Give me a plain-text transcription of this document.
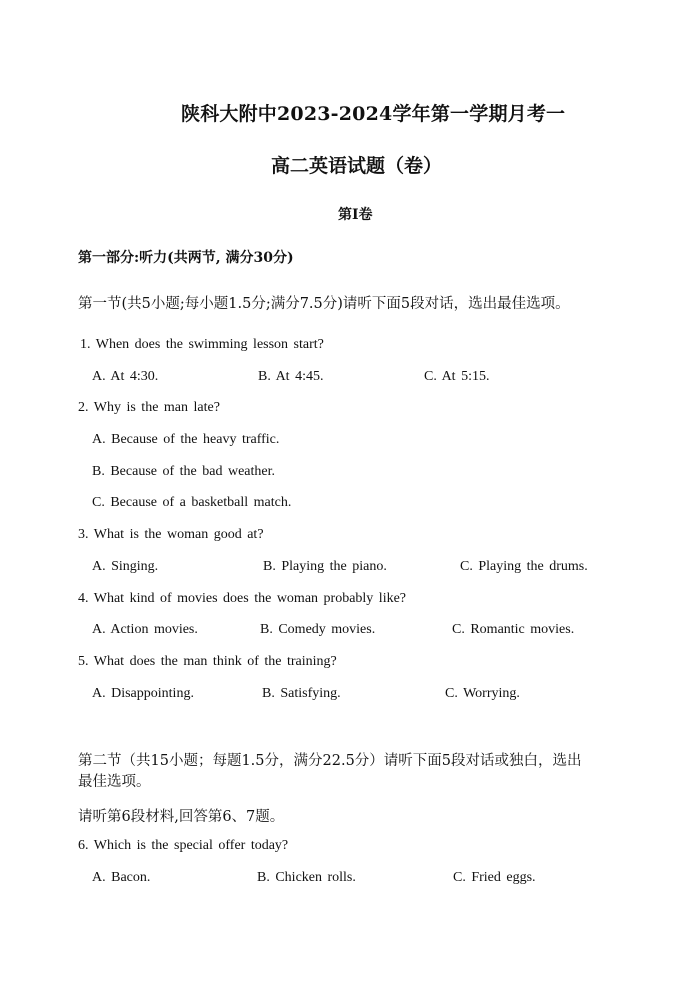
陕科大附中2023-2024学年第一学期月考一
高二英语试题（卷）
第I卷
第一部分:听力(共两节, 满分30分)
第一节(共5小题;每小题1.5分;满分7.5分)请听下面5段对话，选出最佳选项。
1. When does the swimming lesson start?
A. At 4:30.	B. At 4:45.	C. At 5:15.
2. Why is the man late?
A. Because of the heavy traffic.
B. Because of the bad weather.
C. Because of a basketball match.
3. What is the woman good at?
A. Singing.	B. Playing the piano.	C. Playing the drums.
4. What kind of movies does the woman probably like?
A. Action movies.	B. Comedy movies.	C. Romantic movies.
5. What does the man think of the training?
A. Disappointing.	B. Satisfying.	C. Worrying.
第二节（共15小题；每题1.5分，满分22.5分）请听下面5段对话或独白，选出
最佳选项。
请听第6段材料,回答第6、7题。
6. Which is the special offer today?
A. Bacon.	B. Chicken rolls.	C. Fried eggs.
